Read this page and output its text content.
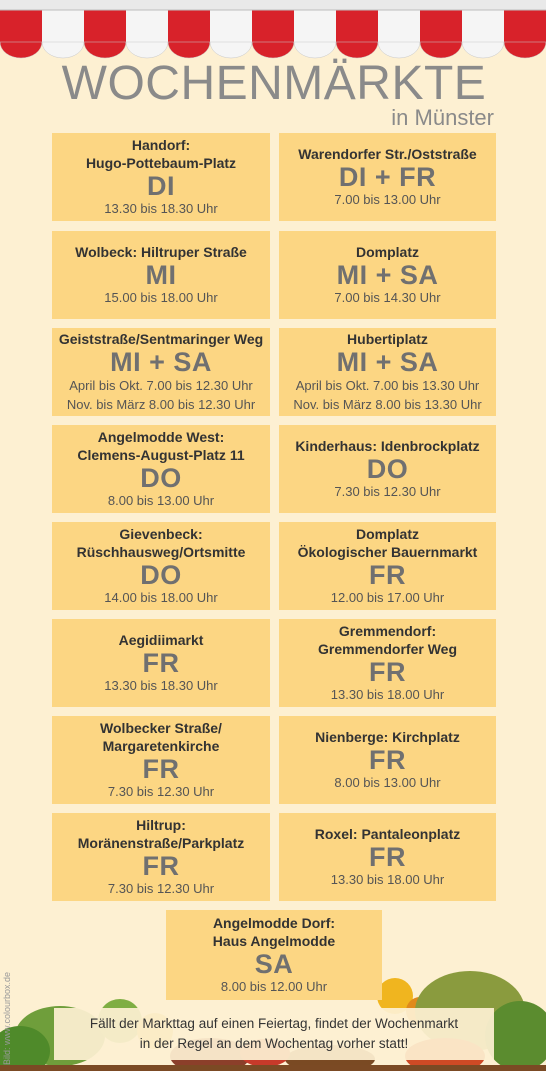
WOCHENMÄRKTE
in Münster
Handorf:
Hugo-Pottebaum-Platz
DI
13.30 bis 18.30 Uhr
Warendorfer Str./Oststraße
DI + FR
7.00 bis 13.00 Uhr
Wolbeck: Hiltruper Straße
MI
15.00 bis 18.00 Uhr
Domplatz
MI + SA
7.00 bis 14.30 Uhr
Geiststraße/Sentmaringer Weg
MI + SA
April bis Okt. 7.00 bis 12.30 Uhr
Nov. bis März 8.00 bis 12.30 Uhr
Hubertiplatz
MI + SA
April bis Okt. 7.00 bis 13.30 Uhr
Nov. bis März 8.00 bis 13.30 Uhr
Angelmodde West:
Clemens-August-Platz 11
DO
8.00 bis 13.00 Uhr
Kinderhaus: Idenbrockplatz
DO
7.30 bis 12.30 Uhr
Gievenbeck:
Rüschhausweg/Ortsmitte
DO
14.00 bis 18.00 Uhr
Domplatz
Ökologischer Bauernmarkt
FR
12.00 bis 17.00 Uhr
Aegidiimarkt
FR
13.30 bis 18.30 Uhr
Gremmendorf:
Gremmendorfer Weg
FR
13.30 bis 18.00 Uhr
Wolbecker Straße/
Margaretenkirche
FR
7.30 bis 12.30 Uhr
Nienberge: Kirchplatz
FR
8.00 bis 13.00 Uhr
Hiltrup:
Moränenstraße/Parkplatz
FR
7.30 bis 12.30 Uhr
Roxel: Pantaleonplatz
FR
13.30 bis 18.00 Uhr
Angelmodde Dorf:
Haus Angelmodde
SA
8.00 bis 12.00 Uhr
Fällt der Markttag auf einen Feiertag, findet der Wochenmarkt
in der Regel an dem Wochentag vorher statt!
Bild: www.colourbox.de
